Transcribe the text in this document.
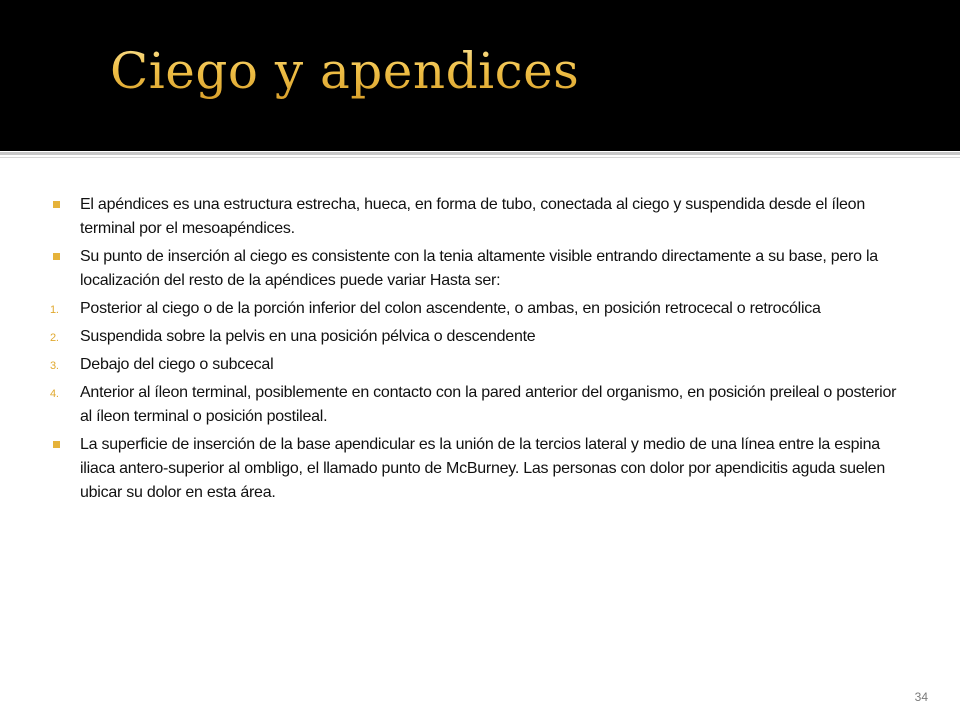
Ciego y apendices
El apéndices es una estructura estrecha, hueca, en forma de tubo, conectada al ciego y suspendida desde el íleon terminal por el mesoapéndices.
Su punto de inserción al ciego es consistente con la tenia altamente visible entrando directamente a su base, pero la localización del resto de la apéndices puede variar Hasta ser:
1.	Posterior al ciego o de la porción inferior del colon ascendente, o ambas, en posición retrocecal o retrocólica
2.	Suspendida sobre la pelvis en una posición pélvica o descendente
3.	Debajo del ciego o subcecal
4.	Anterior al íleon terminal, posiblemente en contacto con la pared anterior del organismo, en posición preileal o posterior al íleon terminal o posición postileal.
La superficie de inserción de la base apendicular es la unión de la tercios lateral y medio de una línea entre la espina iliaca antero-superior al ombligo, el llamado punto de McBurney. Las personas con dolor por apendicitis aguda suelen ubicar su dolor en esta área.
34
